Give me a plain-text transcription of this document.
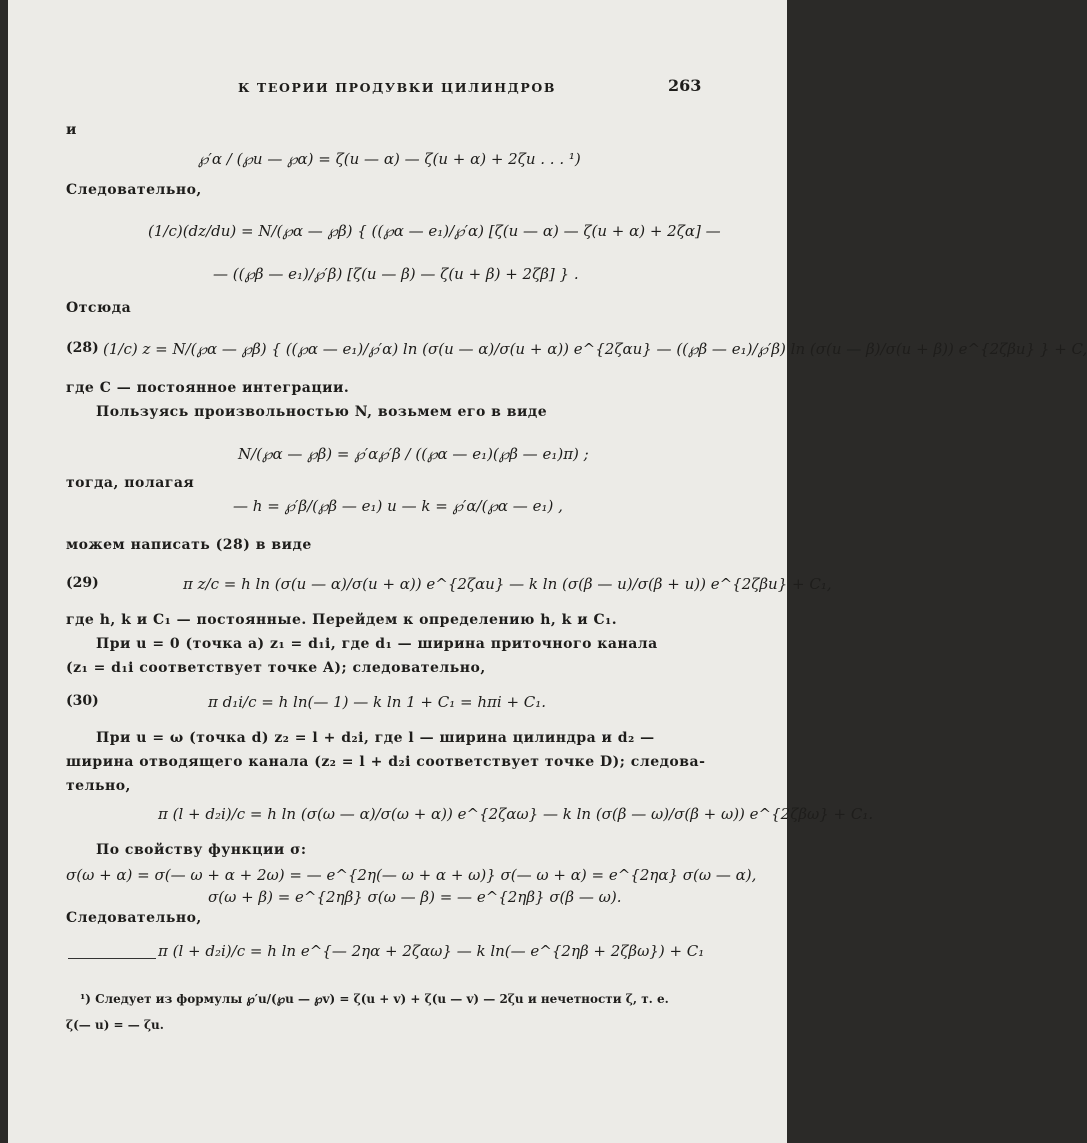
К ТЕОРИИ ПРОДУВКИ ЦИЛИНДРОВ	263
и
℘′α / (℘u — ℘α) = ζ(u — α) — ζ(u + α) + 2ζu . . . ¹)
Следовательно,
(1/c)(dz/du) = N/(℘α — ℘β) { ((℘α — e₁)/℘′α) [ζ(u — α) — ζ(u + α) + 2ζα] —
— ((℘β — e₁)/℘′β) [ζ(u — β) — ζ(u + β) + 2ζβ] } .
Отсюда
(28) (1/c) z = N/(℘α — ℘β) { ((℘α — e₁)/℘′α) ln (σ(u — α)/σ(u + α)) e^{2ζαu} — ((℘β — e₁)/℘′β) ln (σ(u — β)/σ(u + β)) e^{2ζβu} } + C,
где C — постоянное интеграции.
Пользуясь произвольностью N, возьмем его в виде
N/(℘α — ℘β) = ℘′α℘′β / ((℘α — e₁)(℘β — e₁)π) ;
тогда, полагая
— h = ℘′β/(℘β — e₁) и — k = ℘′α/(℘α — e₁) ,
можем написать (28) в виде
(29)	π z/c = h ln (σ(u — α)/σ(u + α)) e^{2ζαu} — k ln (σ(β — u)/σ(β + u)) e^{2ζβu} + C₁,
где h, k и C₁ — постоянные. Перейдем к определению h, k и C₁.
При u = 0 (точка a) z₁ = d₁i, где d₁ — ширина приточного канала
(z₁ = d₁i соответствует точке A); следовательно,
(30)	π d₁i/c = h ln(— 1) — k ln 1 + C₁ = hπi + C₁.
При u = ω (точка d) z₂ = l + d₂i, где l — ширина цилиндра и d₂ —
ширина отводящего канала (z₂ = l + d₂i соответствует точке D); следова-
тельно,
π (l + d₂i)/c = h ln (σ(ω — α)/σ(ω + α)) e^{2ζαω} — k ln (σ(β — ω)/σ(β + ω)) e^{2ζβω} + C₁.
По свойству функции σ:
σ(ω + α) = σ(— ω + α + 2ω) = — e^{2η(— ω + α + ω)} σ(— ω + α) = e^{2ηα} σ(ω — α),
σ(ω + β) = e^{2ηβ} σ(ω — β) = — e^{2ηβ} σ(β — ω).
Следовательно,
π (l + d₂i)/c = h ln e^{— 2ηα + 2ζαω} — k ln(— e^{2ηβ + 2ζβω}) + C₁
¹) Следует из формулы ℘′u/(℘u — ℘v) = ζ(u + v) + ζ(u — v) — 2ζu и нечетности ζ, т. е.
ζ(— u) = — ζu.
